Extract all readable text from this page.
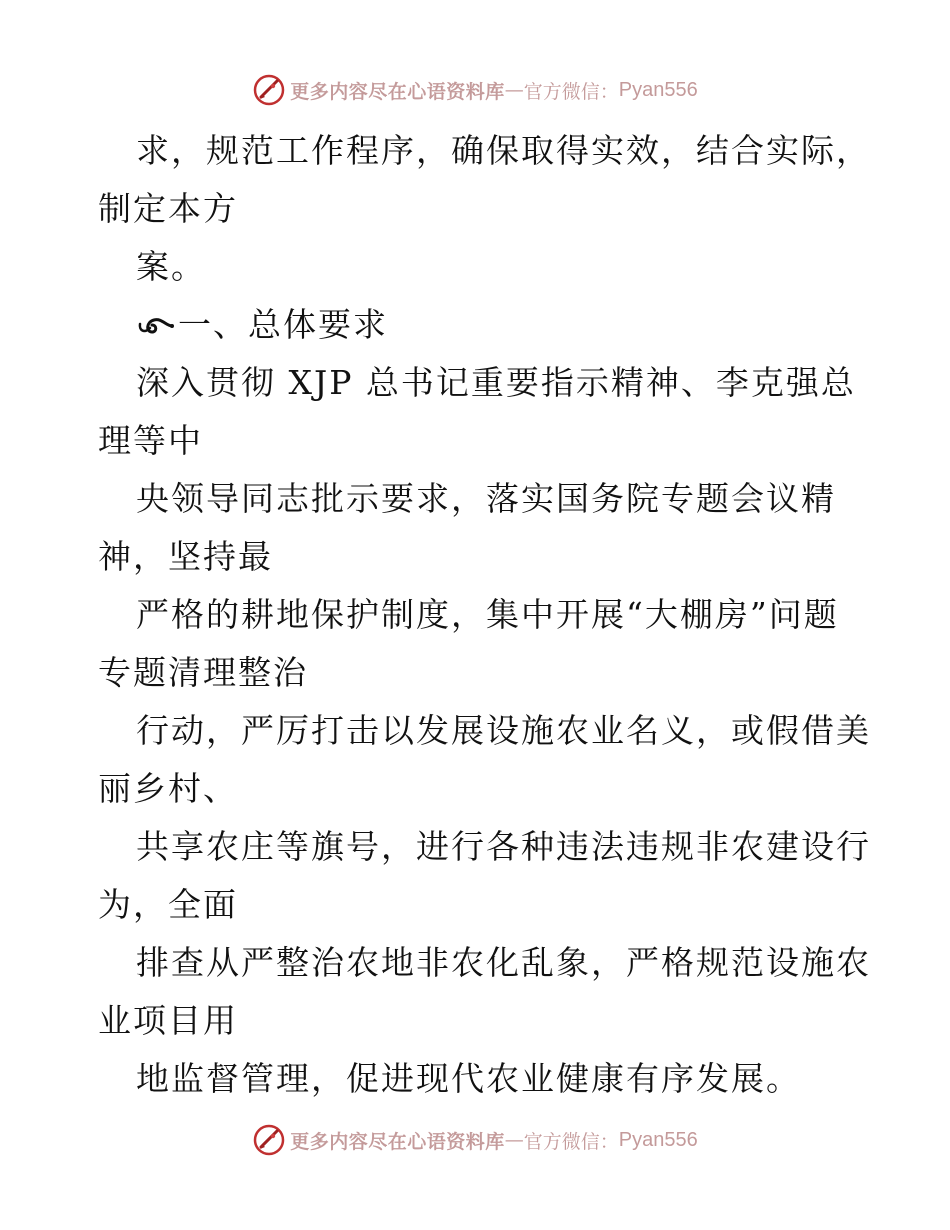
更多内容尽在心语资料库 — 官方微信： Pyan556
求，规范工作程序，确保取得实效，结合实际，
制定本方
案。
一、总体要求
深入贯彻 XJP 总书记重要指示精神、李克强总
理等中
央领导同志批示要求，落实国务院专题会议精
神，坚持最
严格的耕地保护制度，集中开展“大棚房”问题
专题清理整治
行动，严厉打击以发展设施农业名义，或假借美
丽乡村、
共享农庄等旗号，进行各种违法违规非农建设行
为，全面
排查从严整治农地非农化乱象，严格规范设施农
业项目用
地监督管理，促进现代农业健康有序发展。
更多内容尽在心语资料库 — 官方微信： Pyan556
